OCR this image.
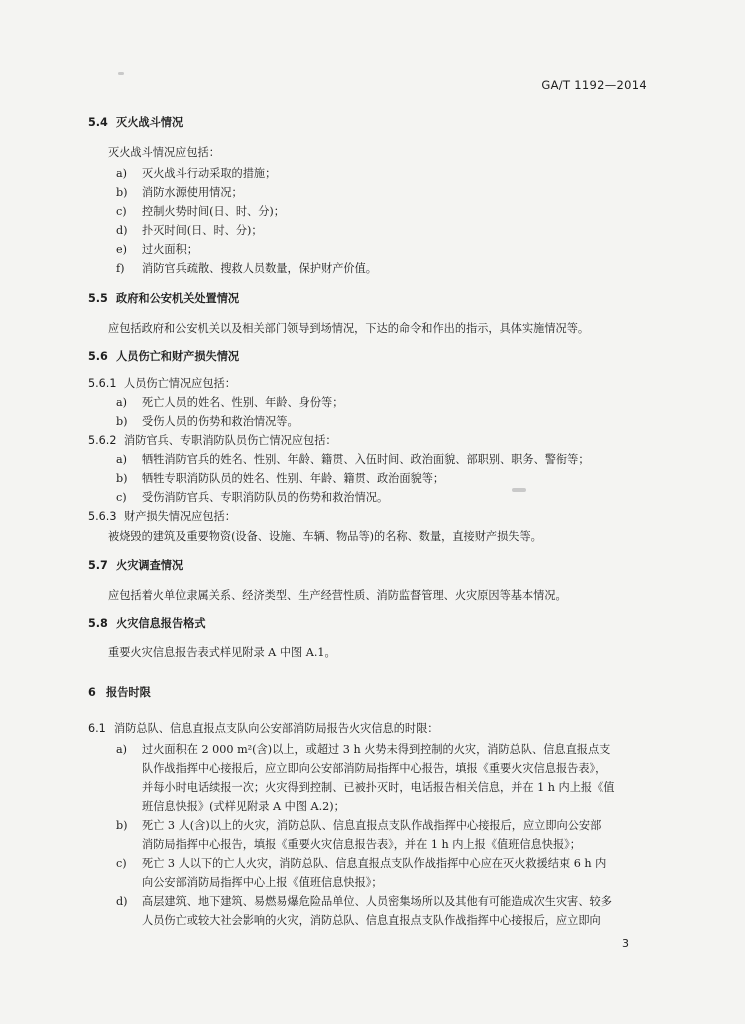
GA/T 1192—2014
5.4 灭火战斗情况
灭火战斗情况应包括：
a) 灭火战斗行动采取的措施；
b) 消防水源使用情况；
c) 控制火势时间(日、时、分)；
d) 扑灭时间(日、时、分)；
e) 过火面积；
f) 消防官兵疏散、搜救人员数量，保护财产价值。
5.5 政府和公安机关处置情况
应包括政府和公安机关以及相关部门领导到场情况，下达的命令和作出的指示，具体实施情况等。
5.6 人员伤亡和财产损失情况
5.6.1 人员伤亡情况应包括：
a) 死亡人员的姓名、性别、年龄、身份等；
b) 受伤人员的伤势和救治情况等。
5.6.2 消防官兵、专职消防队员伤亡情况应包括：
a) 牺牲消防官兵的姓名、性别、年龄、籍贯、入伍时间、政治面貌、部职别、职务、警衔等；
b) 牺牲专职消防队员的姓名、性别、年龄、籍贯、政治面貌等；
c) 受伤消防官兵、专职消防队员的伤势和救治情况。
5.6.3 财产损失情况应包括：
被烧毁的建筑及重要物资(设备、设施、车辆、物品等)的名称、数量，直接财产损失等。
5.7 火灾调查情况
应包括着火单位隶属关系、经济类型、生产经营性质、消防监督管理、火灾原因等基本情况。
5.8 火灾信息报告格式
重要火灾信息报告表式样见附录 A 中图 A.1。
6 报告时限
6.1 消防总队、信息直报点支队向公安部消防局报告火灾信息的时限：
a) 过火面积在 2 000 m²(含)以上，或超过 3 h 火势未得到控制的火灾，消防总队、信息直报点支
队作战指挥中心接报后，应立即向公安部消防局指挥中心报告，填报《重要火灾信息报告表》，
并每小时电话续报一次；火灾得到控制、已被扑灭时，电话报告相关信息，并在 1 h 内上报《值
班信息快报》(式样见附录 A 中图 A.2)；
b) 死亡 3 人(含)以上的火灾，消防总队、信息直报点支队作战指挥中心接报后，应立即向公安部
消防局指挥中心报告，填报《重要火灾信息报告表》，并在 1 h 内上报《值班信息快报》；
c) 死亡 3 人以下的亡人火灾，消防总队、信息直报点支队作战指挥中心应在灭火救援结束 6 h 内
向公安部消防局指挥中心上报《值班信息快报》；
d) 高层建筑、地下建筑、易燃易爆危险品单位、人员密集场所以及其他有可能造成次生灾害、较多
人员伤亡或较大社会影响的火灾，消防总队、信息直报点支队作战指挥中心接报后，应立即向
3
